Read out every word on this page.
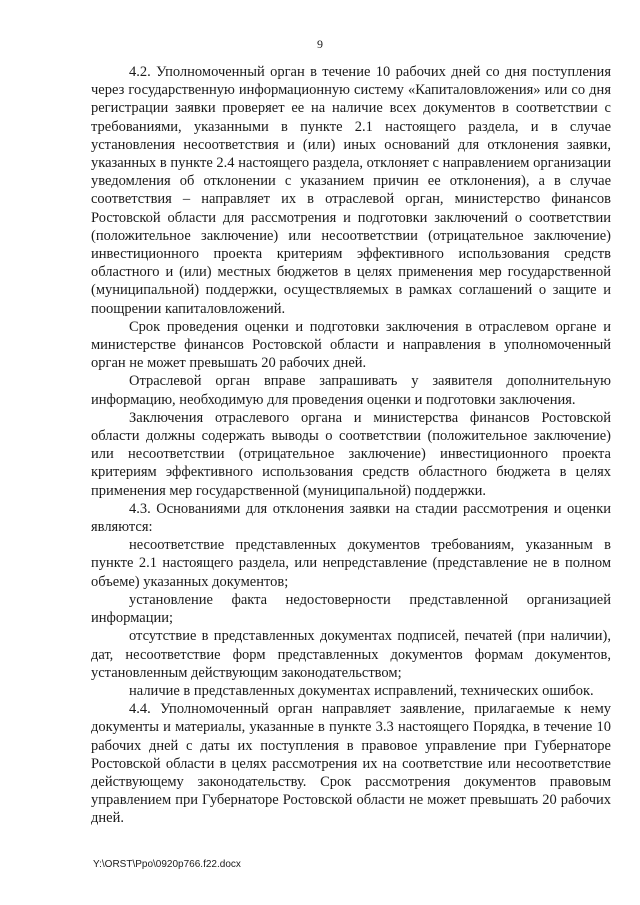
9

4.2. Уполномоченный орган в течение 10 рабочих дней со дня поступления через государственную информационную систему «Капиталовложения» или со дня регистрации заявки проверяет ее на наличие всех документов в соответствии с требованиями, указанными в пункте 2.1 настоящего раздела, и в случае установления несоответствия и (или) иных оснований для отклонения заявки, указанных в пункте 2.4 настоящего раздела, отклоняет с направлением организации уведомления об отклонении с указанием причин ее отклонения), а в случае соответствия – направляет их в отраслевой орган, министерство финансов Ростовской области для рассмотрения и подготовки заключений о соответствии (положительное заключение) или несоответствии (отрицательное заключение) инвестиционного проекта критериям эффективного использования средств областного и (или) местных бюджетов в целях применения мер государственной (муниципальной) поддержки, осуществляемых в рамках соглашений о защите и поощрении капиталовложений.

Срок проведения оценки и подготовки заключения в отраслевом органе и министерстве финансов Ростовской области и направления в уполномоченный орган не может превышать 20 рабочих дней.

Отраслевой орган вправе запрашивать у заявителя дополнительную информацию, необходимую для проведения оценки и подготовки заключения.

Заключения отраслевого органа и министерства финансов Ростовской области должны содержать выводы о соответствии (положительное заключение) или несоответствии (отрицательное заключение) инвестиционного проекта критериям эффективного использования средств областного бюджета в целях применения мер государственной (муниципальной) поддержки.

4.3. Основаниями для отклонения заявки на стадии рассмотрения и оценки являются:

несоответствие представленных документов требованиям, указанным в пункте 2.1 настоящего раздела, или непредставление (представление не в полном объеме) указанных документов;

установление факта недостоверности представленной организацией информации;

отсутствие в представленных документах подписей, печатей (при наличии), дат, несоответствие форм представленных документов формам документов, установленным действующим законодательством;

наличие в представленных документах исправлений, технических ошибок.

4.4. Уполномоченный орган направляет заявление, прилагаемые к нему документы и материалы, указанные в пункте 3.3 настоящего Порядка, в течение 10 рабочих дней с даты их поступления в правовое управление при Губернаторе Ростовской области в целях рассмотрения их на соответствие или несоответствие действующему законодательству. Срок рассмотрения документов правовым управлением при Губернаторе Ростовской области не может превышать 20 рабочих дней.

Y:\ORST\Ppo\0920p766.f22.docx
